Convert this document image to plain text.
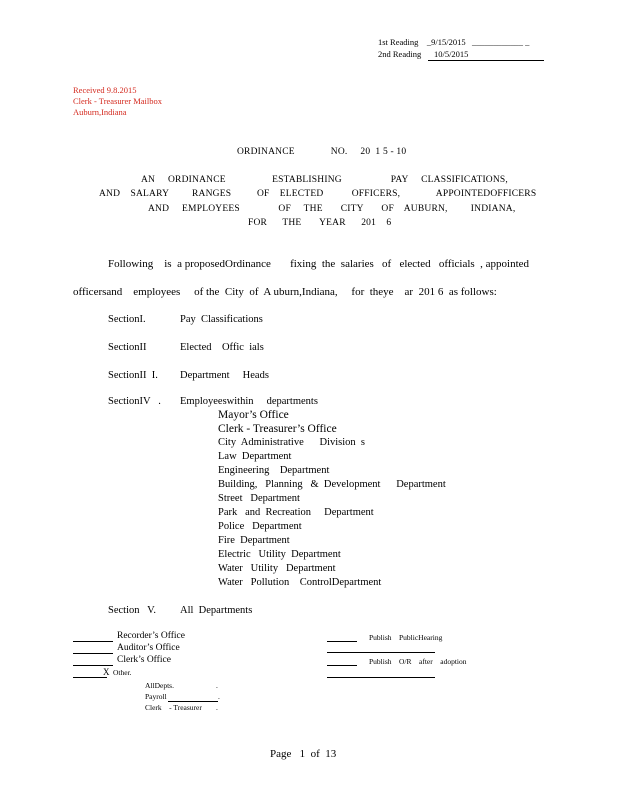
1st Reading _9/15/2015 ____________ _
2nd Reading 10/5/2015
Received 9.8.2015
Clerk - Treasurer Mailbox
Auburn,Indiana
ORDINANCE              NO.     20  1 5 - 10
AN     ORDINANCE                  ESTABLISHING                   PAY     CLASSIFICATIONS,
AND    SALARY         RANGES          OF    ELECTED           OFFICERS,              APPOINTEDOFFICERS
AND     EMPLOYEES               OF     THE       CITY       OF    AUBURN,         INDIANA,
FOR      THE       YEAR      201    6
Following    is  a proposedOrdinance       fixing  the  salaries   of   elected   officials  , appointed
officersand    employees     of the  City  of  A uburn,Indiana,     for  theye    ar  201 6  as follows:
SectionI.	Pay  Classifications
SectionII	Elected    Offic  ials
SectionII  I. Department     Heads
SectionIV   . Employeeswithin     departments
Mayor’s Office
Clerk - Treasurer’s Office
City  Administrative      Division  s
Law  Department
Engineering    Department
Building,   Planning   &  Development      Department
Street   Department
Park   and  Recreation     Department
Police   Department
Fire  Department
Electric   Utility  Department
Water   Utility   Department
Water   Pollution    ControlDepartment
Section   V. All  Departments
Recorder’s Office
Auditor’s Office
Clerk’s Office
X Other.
AllDepts.
Payroll
Clerk    - Treasurer
.
.
.
Publish    PublicHearing
Publish    O/R    after    adoption
Page   1  of  13
